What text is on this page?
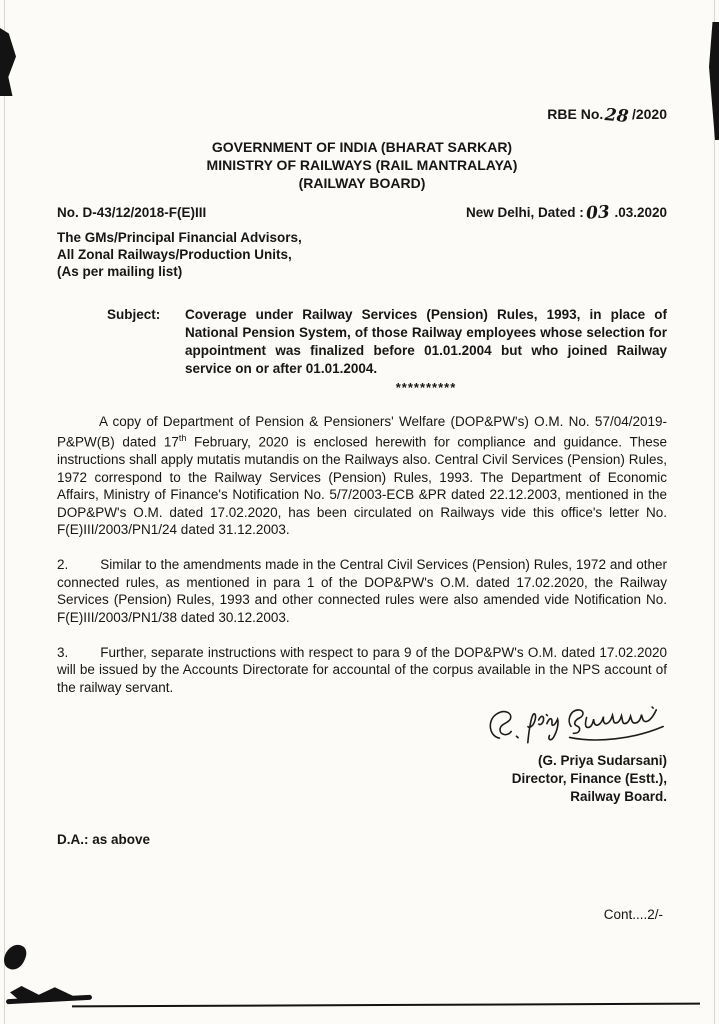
RBE No.28 /2020
GOVERNMENT OF INDIA (BHARAT SARKAR)
MINISTRY OF RAILWAYS (RAIL MANTRALAYA)
(RAILWAY BOARD)
No. D-43/12/2018-F(E)III	New Delhi, Dated :03 .03.2020
The GMs/Principal Financial Advisors,
All Zonal Railways/Production Units,
(As per mailing list)
Subject:	Coverage under Railway Services (Pension) Rules, 1993, in place of National Pension System, of those Railway employees whose selection for appointment was finalized before 01.01.2004 but who joined Railway service on or after 01.01.2004.
**********
A copy of Department of Pension & Pensioners' Welfare (DOP&PW's) O.M. No. 57/04/2019-P&PW(B) dated 17th February, 2020 is enclosed herewith for compliance and guidance. These instructions shall apply mutatis mutandis on the Railways also. Central Civil Services (Pension) Rules, 1972 correspond to the Railway Services (Pension) Rules, 1993. The Department of Economic Affairs, Ministry of Finance's Notification No. 5/7/2003-ECB &PR dated 22.12.2003, mentioned in the DOP&PW's O.M. dated 17.02.2020, has been circulated on Railways vide this office's letter No. F(E)III/2003/PN1/24 dated 31.12.2003.
2. Similar to the amendments made in the Central Civil Services (Pension) Rules, 1972 and other connected rules, as mentioned in para 1 of the DOP&PW's O.M. dated 17.02.2020, the Railway Services (Pension) Rules, 1993 and other connected rules were also amended vide Notification No. F(E)III/2003/PN1/38 dated 30.12.2003.
3. Further, separate instructions with respect to para 9 of the DOP&PW's O.M. dated 17.02.2020 will be issued by the Accounts Directorate for accountal of the corpus available in the NPS account of the railway servant.
(G. Priya Sudarsani)
Director, Finance (Estt.),
Railway Board.
D.A.: as above
Cont....2/-
